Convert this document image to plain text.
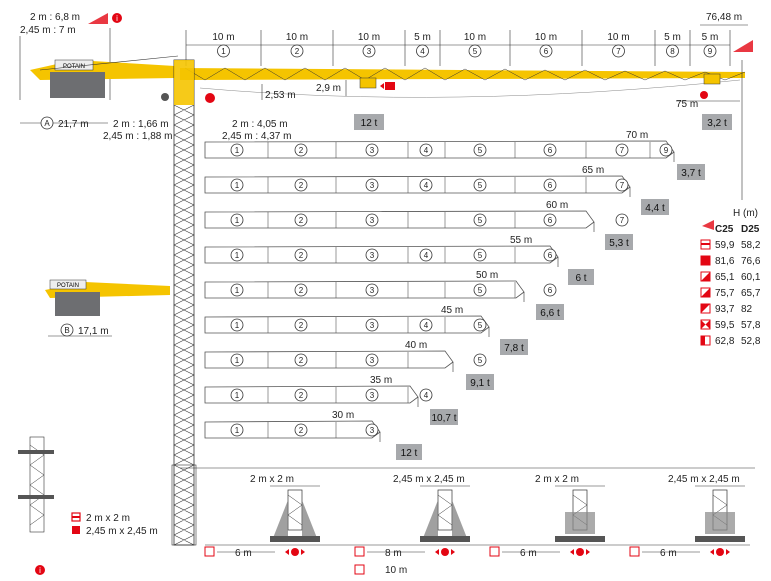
2 m : 6,8 m
2,45 m : 7 m
i
POTAIN
A 21,7 m 2 m : 1,66 m
2,45 m : 1,88 m
2 m : 4,05 m
2,45 m : 4,37 m
10 m
1
10 m
2
10 m
3
5 m
4
10 m
5
10 m
6
10 m
7
5 m
8
5 m
9
76,48 m
2,53 m
2,9 m
12 t
75 m
3,2 t
POTAIN
B 17,1 m
70 m
3,7 t
1	2	3	4	5	6	7	9
65 m
4,4 t
1	2	3	4	5	6	7
60 m
5,3 t
1	2	3	5	6	7
55 m
6 t
1	2	3	4	5	6
50 m
6,6 t
1	2	3	5	6
45 m
7,8 t
1	2	3	4	5
40 m
9,1 t
1	2	3	5
35 m
10,7 t
1	2	3	4
30 m
12 t
1	2	3
H (m)
C25 D25
59,9 58,2
81,6 76,6
65,1 60,1
75,7 65,7
93,7 82
59,5 57,8
62,8 52,8
2 m x 2 m
2,45 m x 2,45 m
i
2 m x 2 m
6 m
2,45 m x 2,45 m
8 m
10 m
2 m x 2 m
6 m
2,45 m x 2,45 m
6 m
